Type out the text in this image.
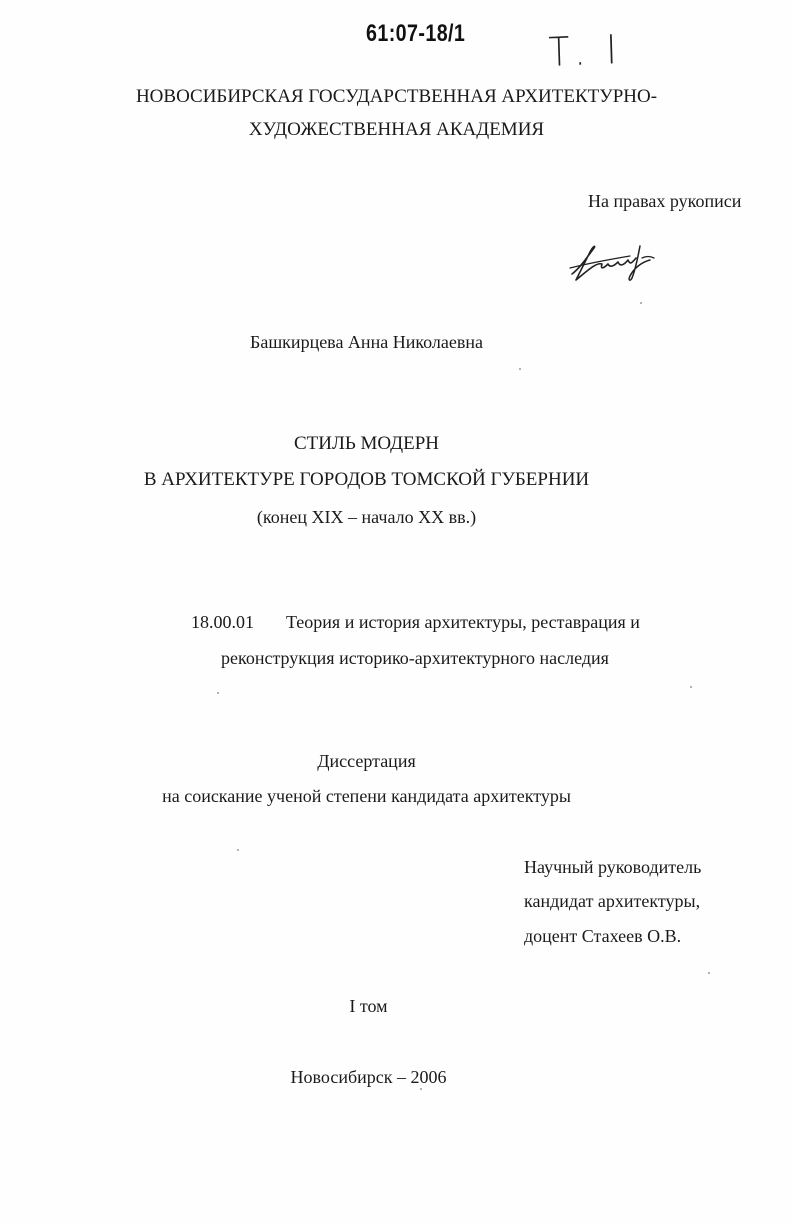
61:07-18/1 Т. I
НОВОСИБИРСКАЯ ГОСУДАРСТВЕННАЯ АРХИТЕКТУРНО-
ХУДОЖЕСТВЕННАЯ АКАДЕМИЯ
На правах рукописи
Башкирцева Анна Николаевна
СТИЛЬ МОДЕРН
В АРХИТЕКТУРЕ ГОРОДОВ ТОМСКОЙ ГУБЕРНИИ
(конец XIX – начало XX вв.)
18.00.01 Теория и история архитектуры, реставрация и
реконструкция историко-архитектурного наследия
Диссертация
на соискание ученой степени кандидата архитектуры
Научный руководитель
кандидат архитектуры,
доцент Стахеев О.В.
I том
Новосибирск – 2006
